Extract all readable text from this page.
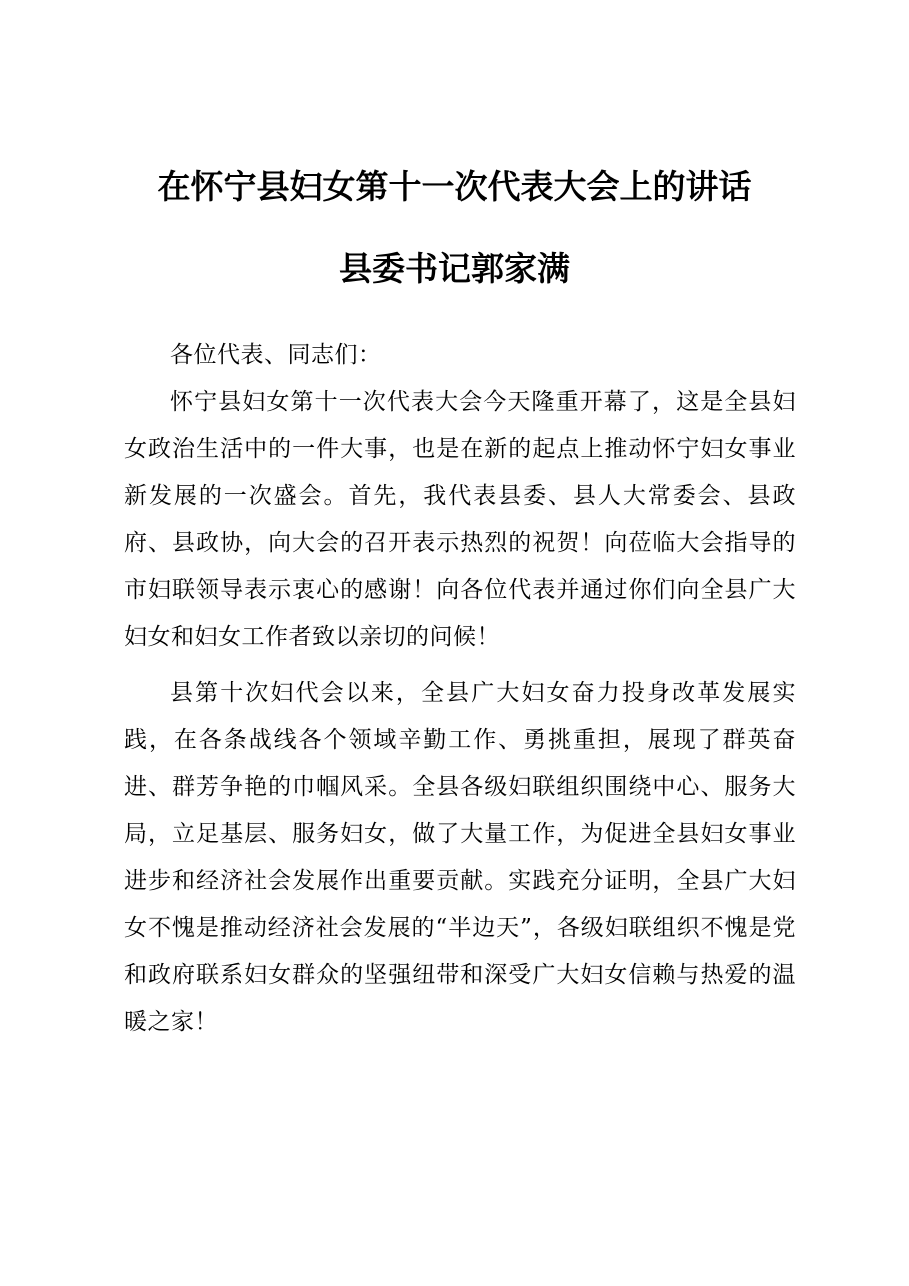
在怀宁县妇女第十一次代表大会上的讲话
县委书记郭家满
各位代表、同志们：
怀宁县妇女第十一次代表大会今天隆重开幕了，这是全县妇女政治生活中的一件大事，也是在新的起点上推动怀宁妇女事业新发展的一次盛会。首先，我代表县委、县人大常委会、县政府、县政协，向大会的召开表示热烈的祝贺！向莅临大会指导的市妇联领导表示衷心的感谢！向各位代表并通过你们向全县广大妇女和妇女工作者致以亲切的问候！
县第十次妇代会以来，全县广大妇女奋力投身改革发展实践，在各条战线各个领域辛勤工作、勇挑重担，展现了群英奋进、群芳争艳的巾帼风采。全县各级妇联组织围绕中心、服务大局，立足基层、服务妇女，做了大量工作，为促进全县妇女事业进步和经济社会发展作出重要贡献。实践充分证明，全县广大妇女不愧是推动经济社会发展的“半边天”，各级妇联组织不愧是党和政府联系妇女群众的坚强纽带和深受广大妇女信赖与热爱的温暖之家！
